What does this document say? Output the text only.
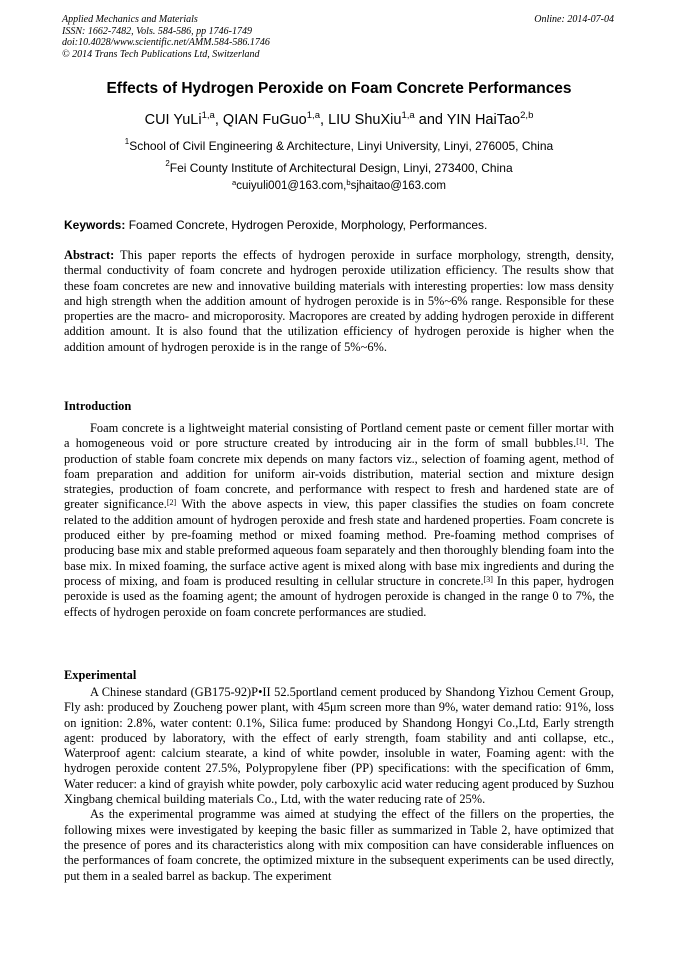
Applied Mechanics and Materials
ISSN: 1662-7482, Vols. 584-586, pp 1746-1749
doi:10.4028/www.scientific.net/AMM.584-586.1746
© 2014 Trans Tech Publications Ltd, Switzerland
Online: 2014-07-04
Effects of Hydrogen Peroxide on Foam Concrete Performances
CUI YuLi$^{1,a}$, QIAN FuGuo$^{1,a}$, LIU ShuXiu$^{1,a}$ and YIN HaiTao$^{2,b}$
$^1$School of Civil Engineering & Architecture, Linyi University, Linyi, 276005, China
$^2$Fei County Institute of Architectural Design, Linyi, 273400, China
$^a$cuiyuli001@163.com,$^b$sjhaitao@163.com
Keywords: Foamed Concrete, Hydrogen Peroxide, Morphology, Performances.

Abstract: This paper reports the effects of hydrogen peroxide in surface morphology, strength, density, thermal conductivity of foam concrete and hydrogen peroxide utilization efficiency. The results show that these foam concretes are new and innovative building materials with interesting properties: low mass density and high strength when the addition amount of hydrogen peroxide is in 5%~6% range. Responsible for these properties are the macro- and microporosity. Macropores are created by adding hydrogen peroxide in different addition amount. It is also found that the utilization efficiency of hydrogen peroxide is higher when the addition amount of hydrogen peroxide is in the range of 5%~6%.

Introduction

Foam concrete is a lightweight material consisting of Portland cement paste or cement filler mortar with a homogeneous void or pore structure created by introducing air in the form of small bubbles.[1]. The production of stable foam concrete mix depends on many factors viz., selection of foaming agent, method of foam preparation and addition for uniform air-voids distribution, material section and mixture design strategies, production of foam concrete, and performance with respect to fresh and hardened state are of greater significance.[2] With the above aspects in view, this paper classifies the studies on foam concrete related to the addition amount of hydrogen peroxide and fresh state and hardened properties. Foam concrete is produced either by pre-foaming method or mixed foaming method. Pre-foaming method comprises of producing base mix and stable preformed aqueous foam separately and then thoroughly blending foam into the base mix. In mixed foaming, the surface active agent is mixed along with base mix ingredients and during the process of mixing, and foam is produced resulting in cellular structure in concrete.[3] In this paper, hydrogen peroxide is used as the foaming agent; the amount of hydrogen peroxide is changed in the range 0 to 7%, the effects of hydrogen peroxide on foam concrete performances are studied.

Experimental

A Chinese standard (GB175-92)P•II 52.5portland cement produced by Shandong Yizhou Cement Group, Fly ash: produced by Zoucheng power plant, with 45μm screen more than 9%, water demand ratio: 91%, loss on ignition: 2.8%, water content: 0.1%, Silica fume: produced by Shandong Hongyi Co.,Ltd, Early strength agent: produced by laboratory, with the effect of early strength, foam stability and anti collapse, etc., Waterproof agent: calcium stearate, a kind of white powder, insoluble in water, Foaming agent: with the hydrogen peroxide content 27.5%, Polypropylene fiber (PP) specifications: with the specification of 6mm, Water reducer: a kind of grayish white powder, poly carboxylic acid water reducing agent produced by Suzhou Xingbang chemical building materials Co., Ltd, with the water reducing rate of 25%.

As the experimental programme was aimed at studying the effect of the fillers on the properties, the following mixes were investigated by keeping the basic filler as summarized in Table 2, have optimized that the presence of pores and its characteristics along with mix composition can have considerable influences on the performances of foam concrete, the optimized mixture in the subsequent experiments can be used directly, put them in a sealed barrel as backup. The experiment
